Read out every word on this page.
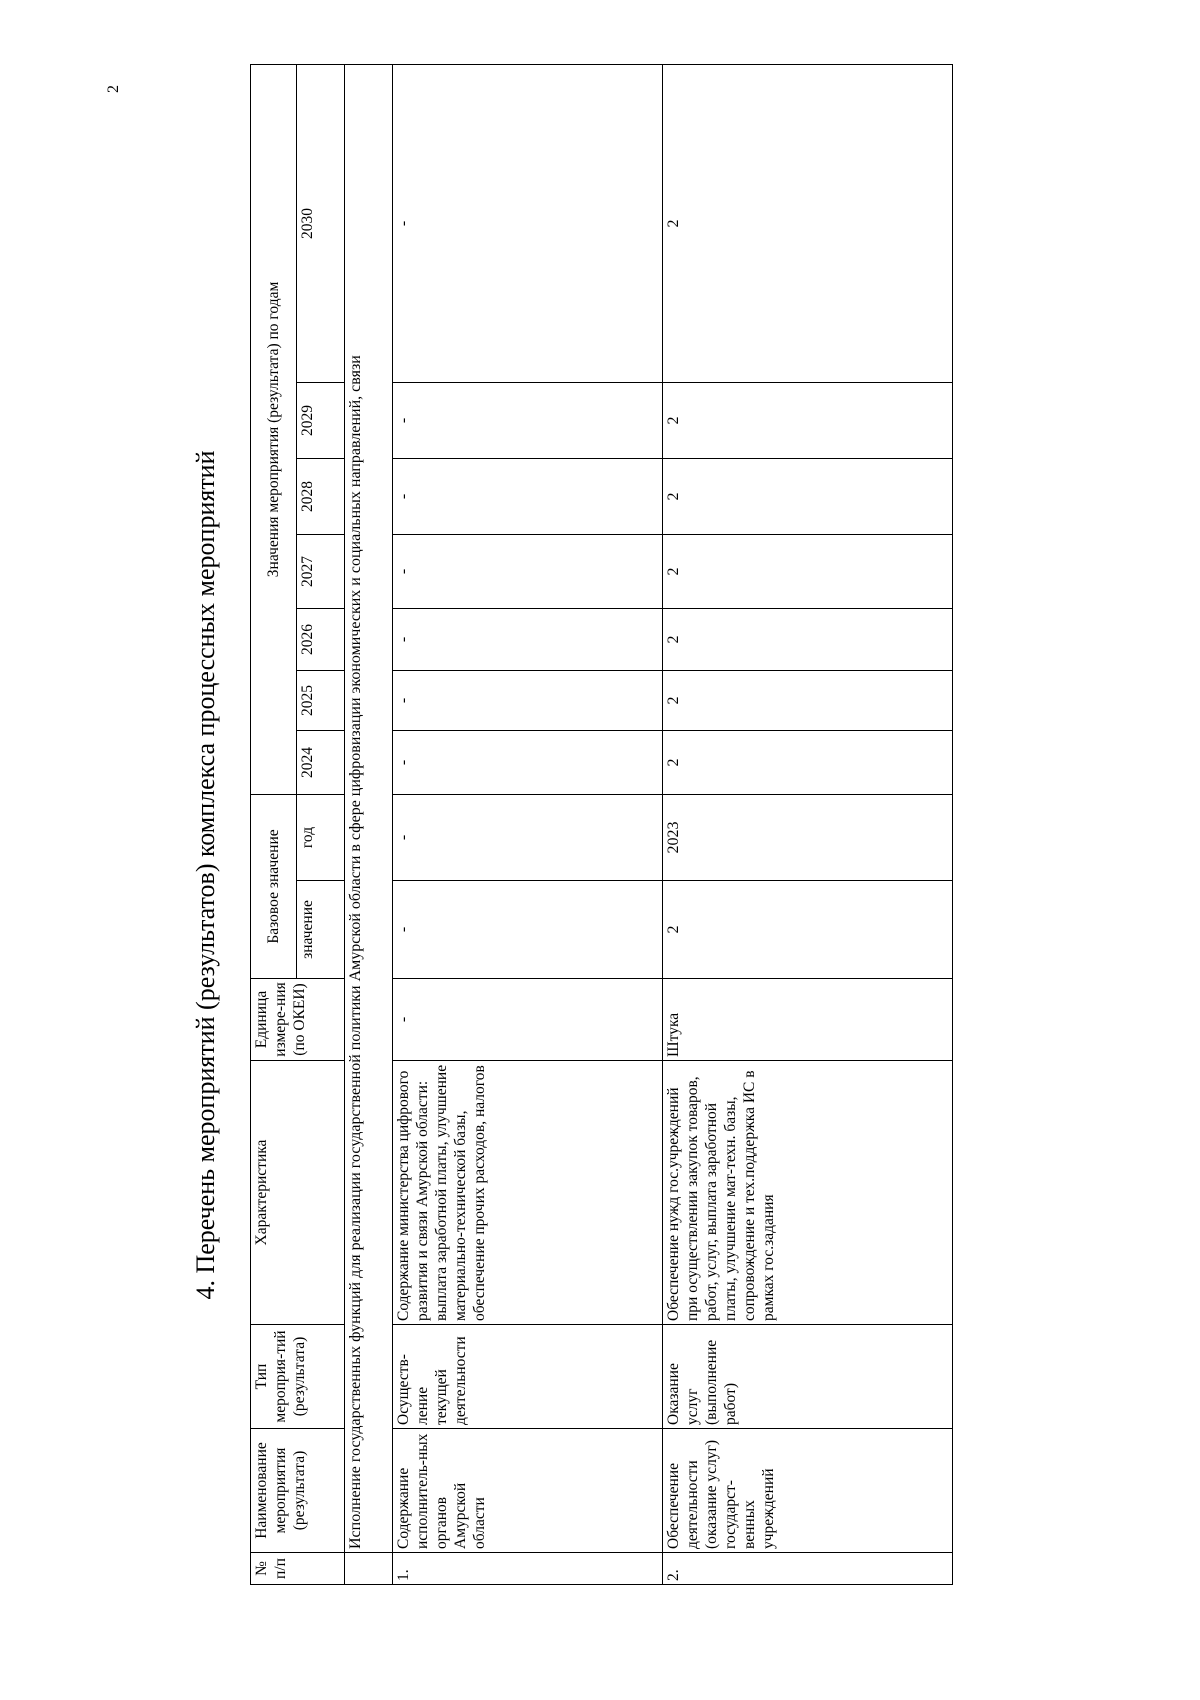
2
4. Перечень мероприятий (результатов) комплекса процессных мероприятий
№ п/п	Наименование мероприятия (результата)	Тип мероприя-тий (результата)	Характеристика	Единица измере-ния (по ОКЕИ)	Базовое значение		Значения мероприятия (результата) по годам						
					значение	год	2024	2025	2026	2027	2028	2029	2030
	Исполнение государственных функций для реализации государственной политики Амурской области в сфере цифровизации экономических и социальных направлений, связи												
1.	Содержание исполнитель-ных органов Амурской области	Осуществ-ление текущей деятельности	Содержание министерства цифрового развития и связи Амурской области: выплата заработной платы, улучшение материально-технической базы, обеспечение прочих расходов, налогов	-	-	-	-	-	-	-	-	-	-
2.	Обеспечение деятельности (оказание услуг) государст-венных учреждений	Оказание услуг (выполнение работ)	Обеспечение нужд гос.учреждений при осуществлении закупок товаров, работ, услуг, выплата заработной платы, улучшение мат-техн. базы, сопровождение и тех.поддержка ИС в рамках гос.задания	Штука	2	2023	2	2	2	2	2	2	2
